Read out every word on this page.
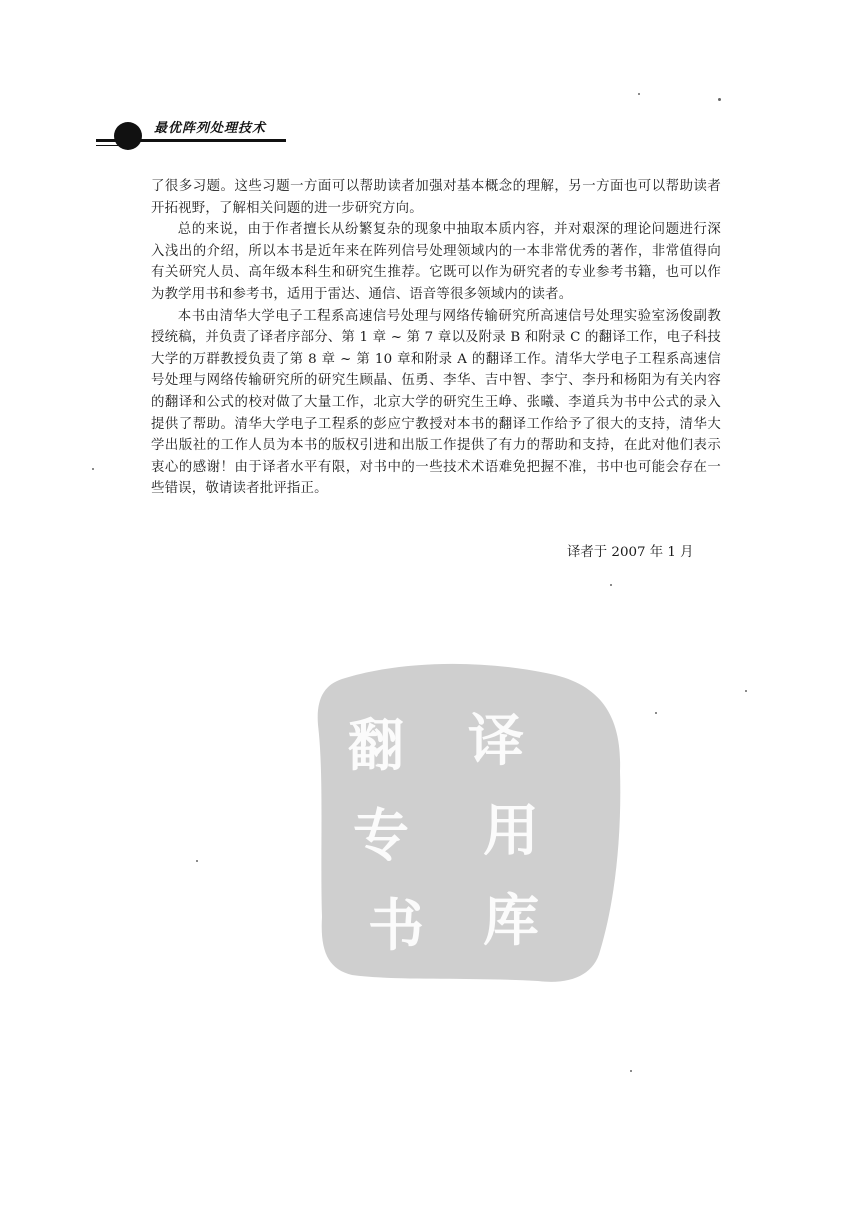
最优阵列处理技术

了很多习题。这些习题一方面可以帮助读者加强对基本概念的理解，另一方面也可以帮助读者开拓视野，了解相关问题的进一步研究方向。

总的来说，由于作者擅长从纷繁复杂的现象中抽取本质内容，并对艰深的理论问题进行深入浅出的介绍，所以本书是近年来在阵列信号处理领域内的一本非常优秀的著作，非常值得向有关研究人员、高年级本科生和研究生推荐。它既可以作为研究者的专业参考书籍，也可以作为教学用书和参考书，适用于雷达、通信、语音等很多领域内的读者。

本书由清华大学电子工程系高速信号处理与网络传输研究所高速信号处理实验室汤俊副教授统稿，并负责了译者序部分、第 1 章 ~ 第 7 章以及附录 B 和附录 C 的翻译工作，电子科技大学的万群教授负责了第 8 章 ~ 第 10 章和附录 A 的翻译工作。清华大学电子工程系高速信号处理与网络传输研究所的研究生顾晶、伍勇、李华、吉中智、李宁、李丹和杨阳为有关内容的翻译和公式的校对做了大量工作，北京大学的研究生王峥、张曦、李道兵为书中公式的录入提供了帮助。清华大学电子工程系的彭应宁教授对本书的翻译工作给予了很大的支持，清华大学出版社的工作人员为本书的版权引进和出版工作提供了有力的帮助和支持，在此对他们表示衷心的感谢！由于译者水平有限，对书中的一些技术术语难免把握不准，书中也可能会存在一些错误，敬请读者批评指正。

译者于 2007 年 1 月
翻 译
专 用
书 库
